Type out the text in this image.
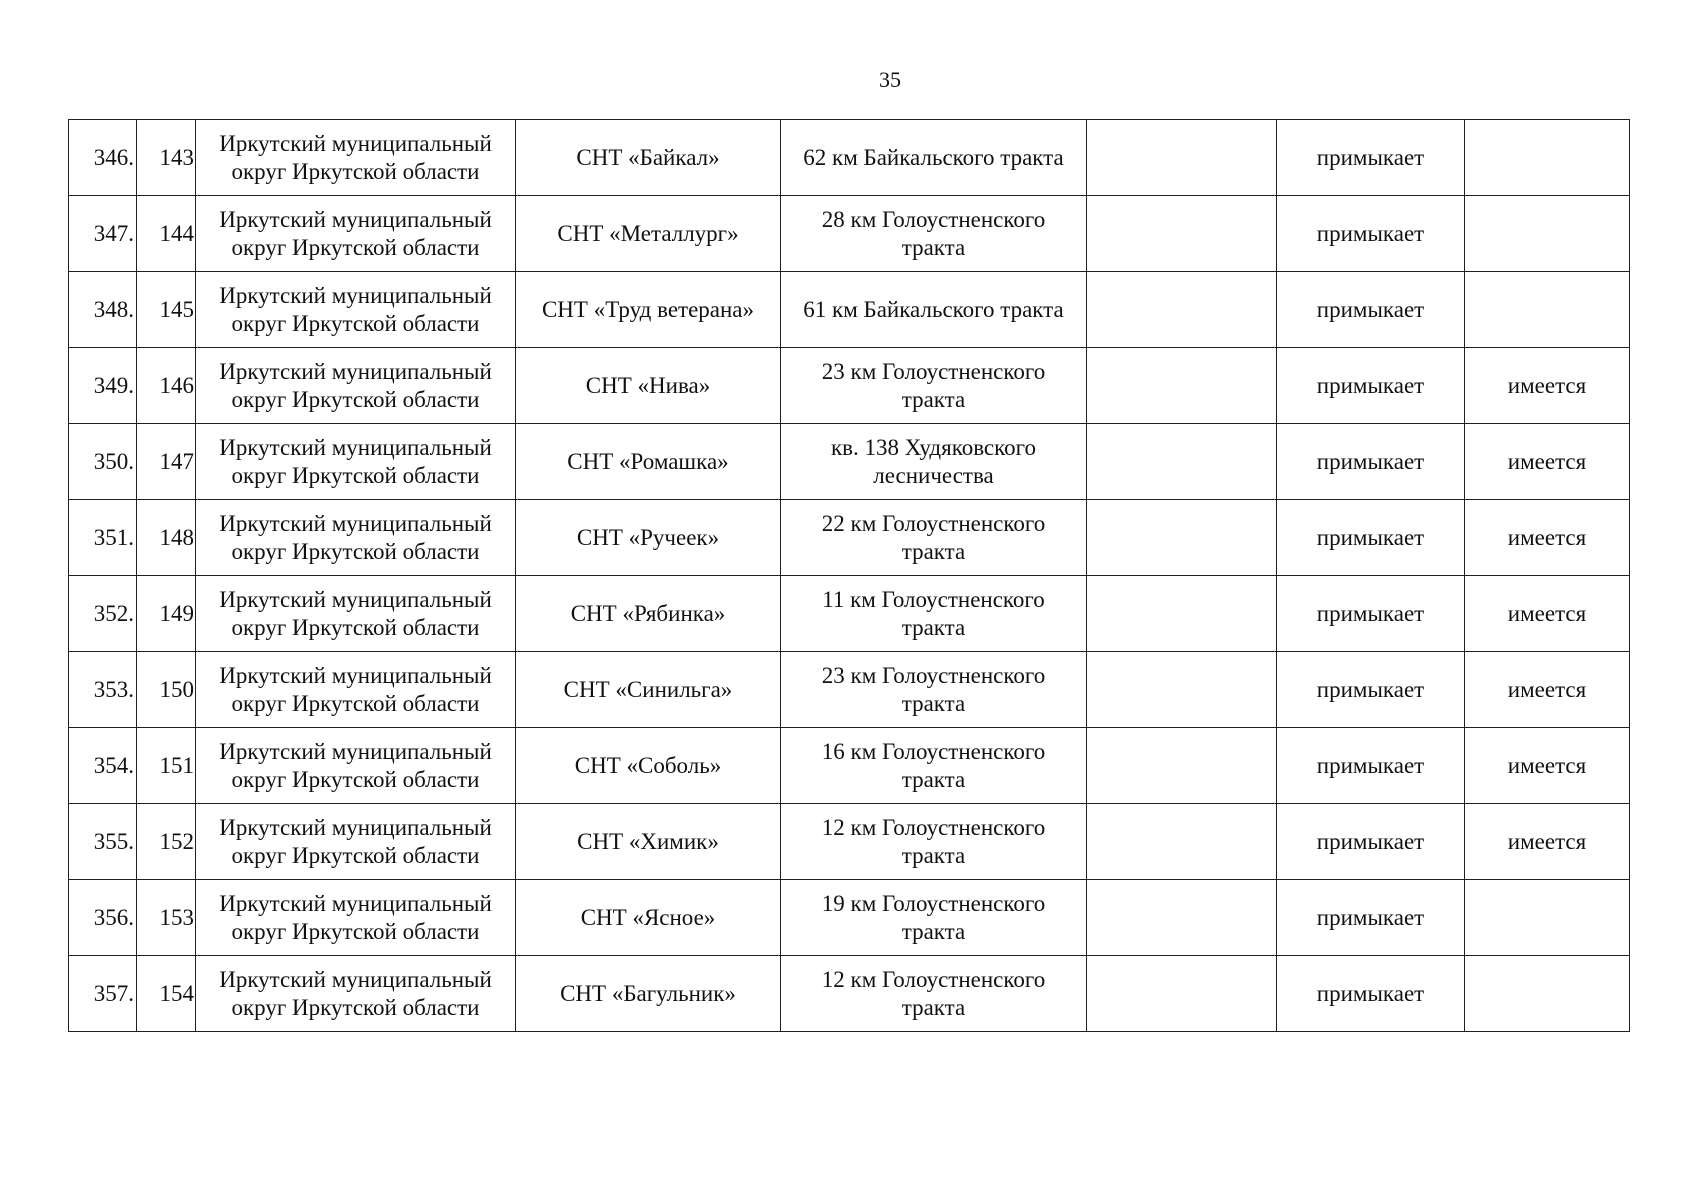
35
346.	143	Иркутский муниципальный
округ Иркутской области	СНТ «Байкал»	62 км Байкальского тракта		примыкает	
347.	144	Иркутский муниципальный
округ Иркутской области	СНТ «Металлург»	28 км Голоустненского
тракта		примыкает	
348.	145	Иркутский муниципальный
округ Иркутской области	СНТ «Труд ветерана»	61 км Байкальского тракта		примыкает	
349.	146	Иркутский муниципальный
округ Иркутской области	СНТ «Нива»	23 км Голоустненского
тракта		примыкает	имеется
350.	147	Иркутский муниципальный
округ Иркутской области	СНТ «Ромашка»	кв. 138 Худяковского
лесничества		примыкает	имеется
351.	148	Иркутский муниципальный
округ Иркутской области	СНТ «Ручеек»	22 км Голоустненского
тракта		примыкает	имеется
352.	149	Иркутский муниципальный
округ Иркутской области	СНТ «Рябинка»	11 км Голоустненского
тракта		примыкает	имеется
353.	150	Иркутский муниципальный
округ Иркутской области	СНТ «Синильга»	23 км Голоустненского
тракта		примыкает	имеется
354.	151	Иркутский муниципальный
округ Иркутской области	СНТ «Соболь»	16 км Голоустненского
тракта		примыкает	имеется
355.	152	Иркутский муниципальный
округ Иркутской области	СНТ «Химик»	12 км Голоустненского
тракта		примыкает	имеется
356.	153	Иркутский муниципальный
округ Иркутской области	СНТ «Ясное»	19 км Голоустненского
тракта		примыкает	
357.	154	Иркутский муниципальный
округ Иркутской области	СНТ «Багульник»	12 км Голоустненского
тракта		примыкает	
